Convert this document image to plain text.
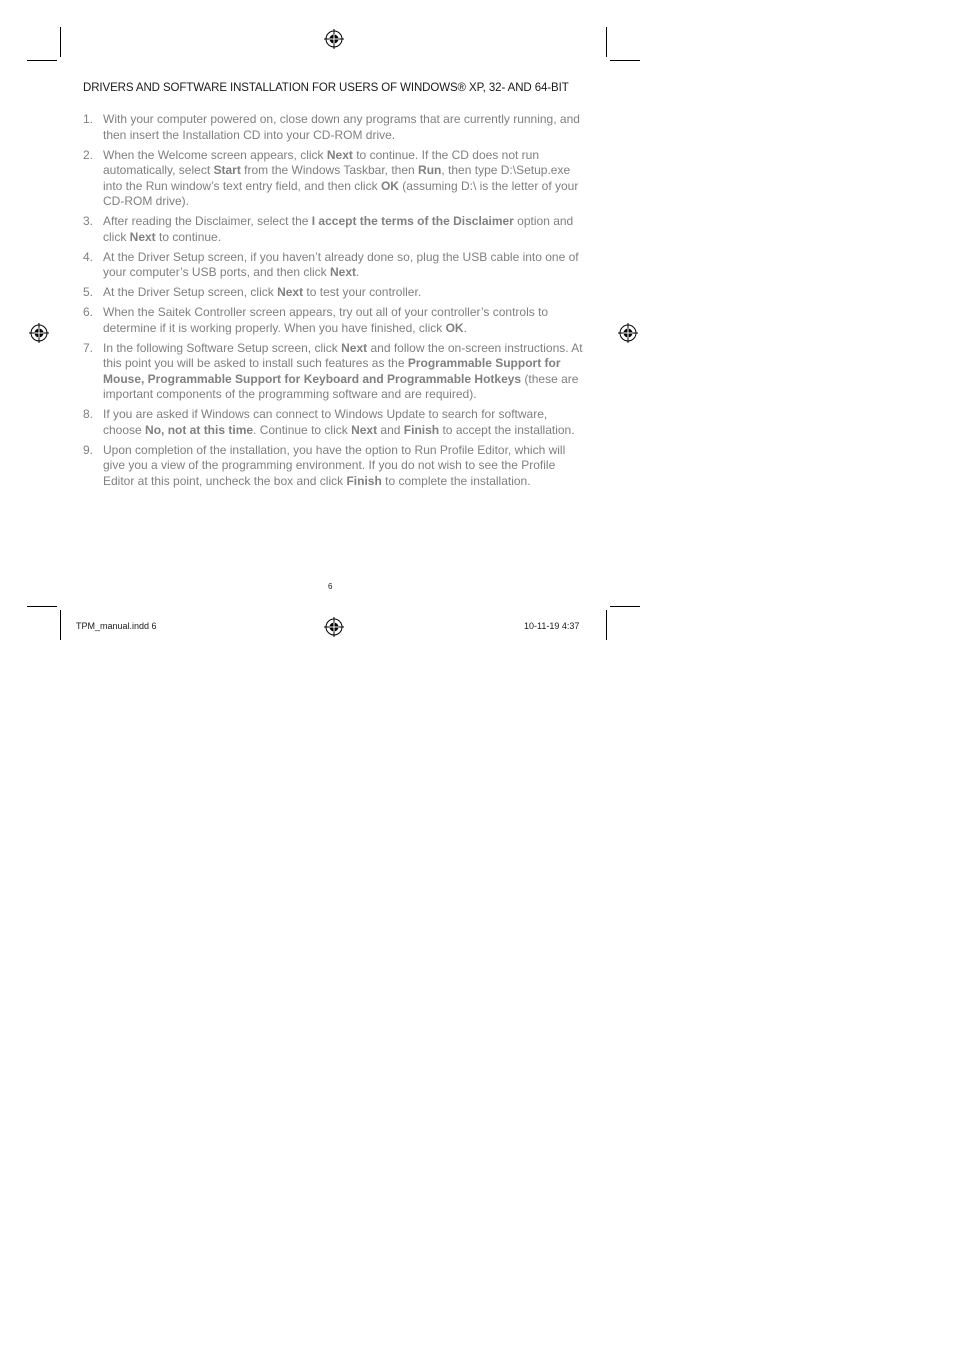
DRIVERS AND SOFTWARE INSTALLATION FOR USERS OF WINDOWS® XP, 32- AND 64-BIT
1. With your computer powered on, close down any programs that are currently running, and then insert the Installation CD into your CD-ROM drive.
2. When the Welcome screen appears, click Next to continue. If the CD does not run automatically, select Start from the Windows Taskbar, then Run, then type D:\Setup.exe into the Run window’s text entry field, and then click OK (assuming D:\ is the letter of your CD-ROM drive).
3. After reading the Disclaimer, select the I accept the terms of the Disclaimer option and click Next to continue.
4. At the Driver Setup screen, if you haven’t already done so, plug the USB cable into one of your computer’s USB ports, and then click Next.
5. At the Driver Setup screen, click Next to test your controller.
6. When the Saitek Controller screen appears, try out all of your controller’s controls to determine if it is working properly. When you have finished, click OK.
7. In the following Software Setup screen, click Next and follow the on-screen instructions. At this point you will be asked to install such features as the Programmable Support for Mouse, Programmable Support for Keyboard and Programmable Hotkeys (these are important components of the programming software and are required).
8. If you are asked if Windows can connect to Windows Update to search for software, choose No, not at this time. Continue to click Next and Finish to accept the installation.
9. Upon completion of the installation, you have the option to Run Profile Editor, which will give you a view of the programming environment. If you do not wish to see the Profile Editor at this point, uncheck the box and click Finish to complete the installation.
6
TPM_manual.indd 6	10-11-19 4:37
